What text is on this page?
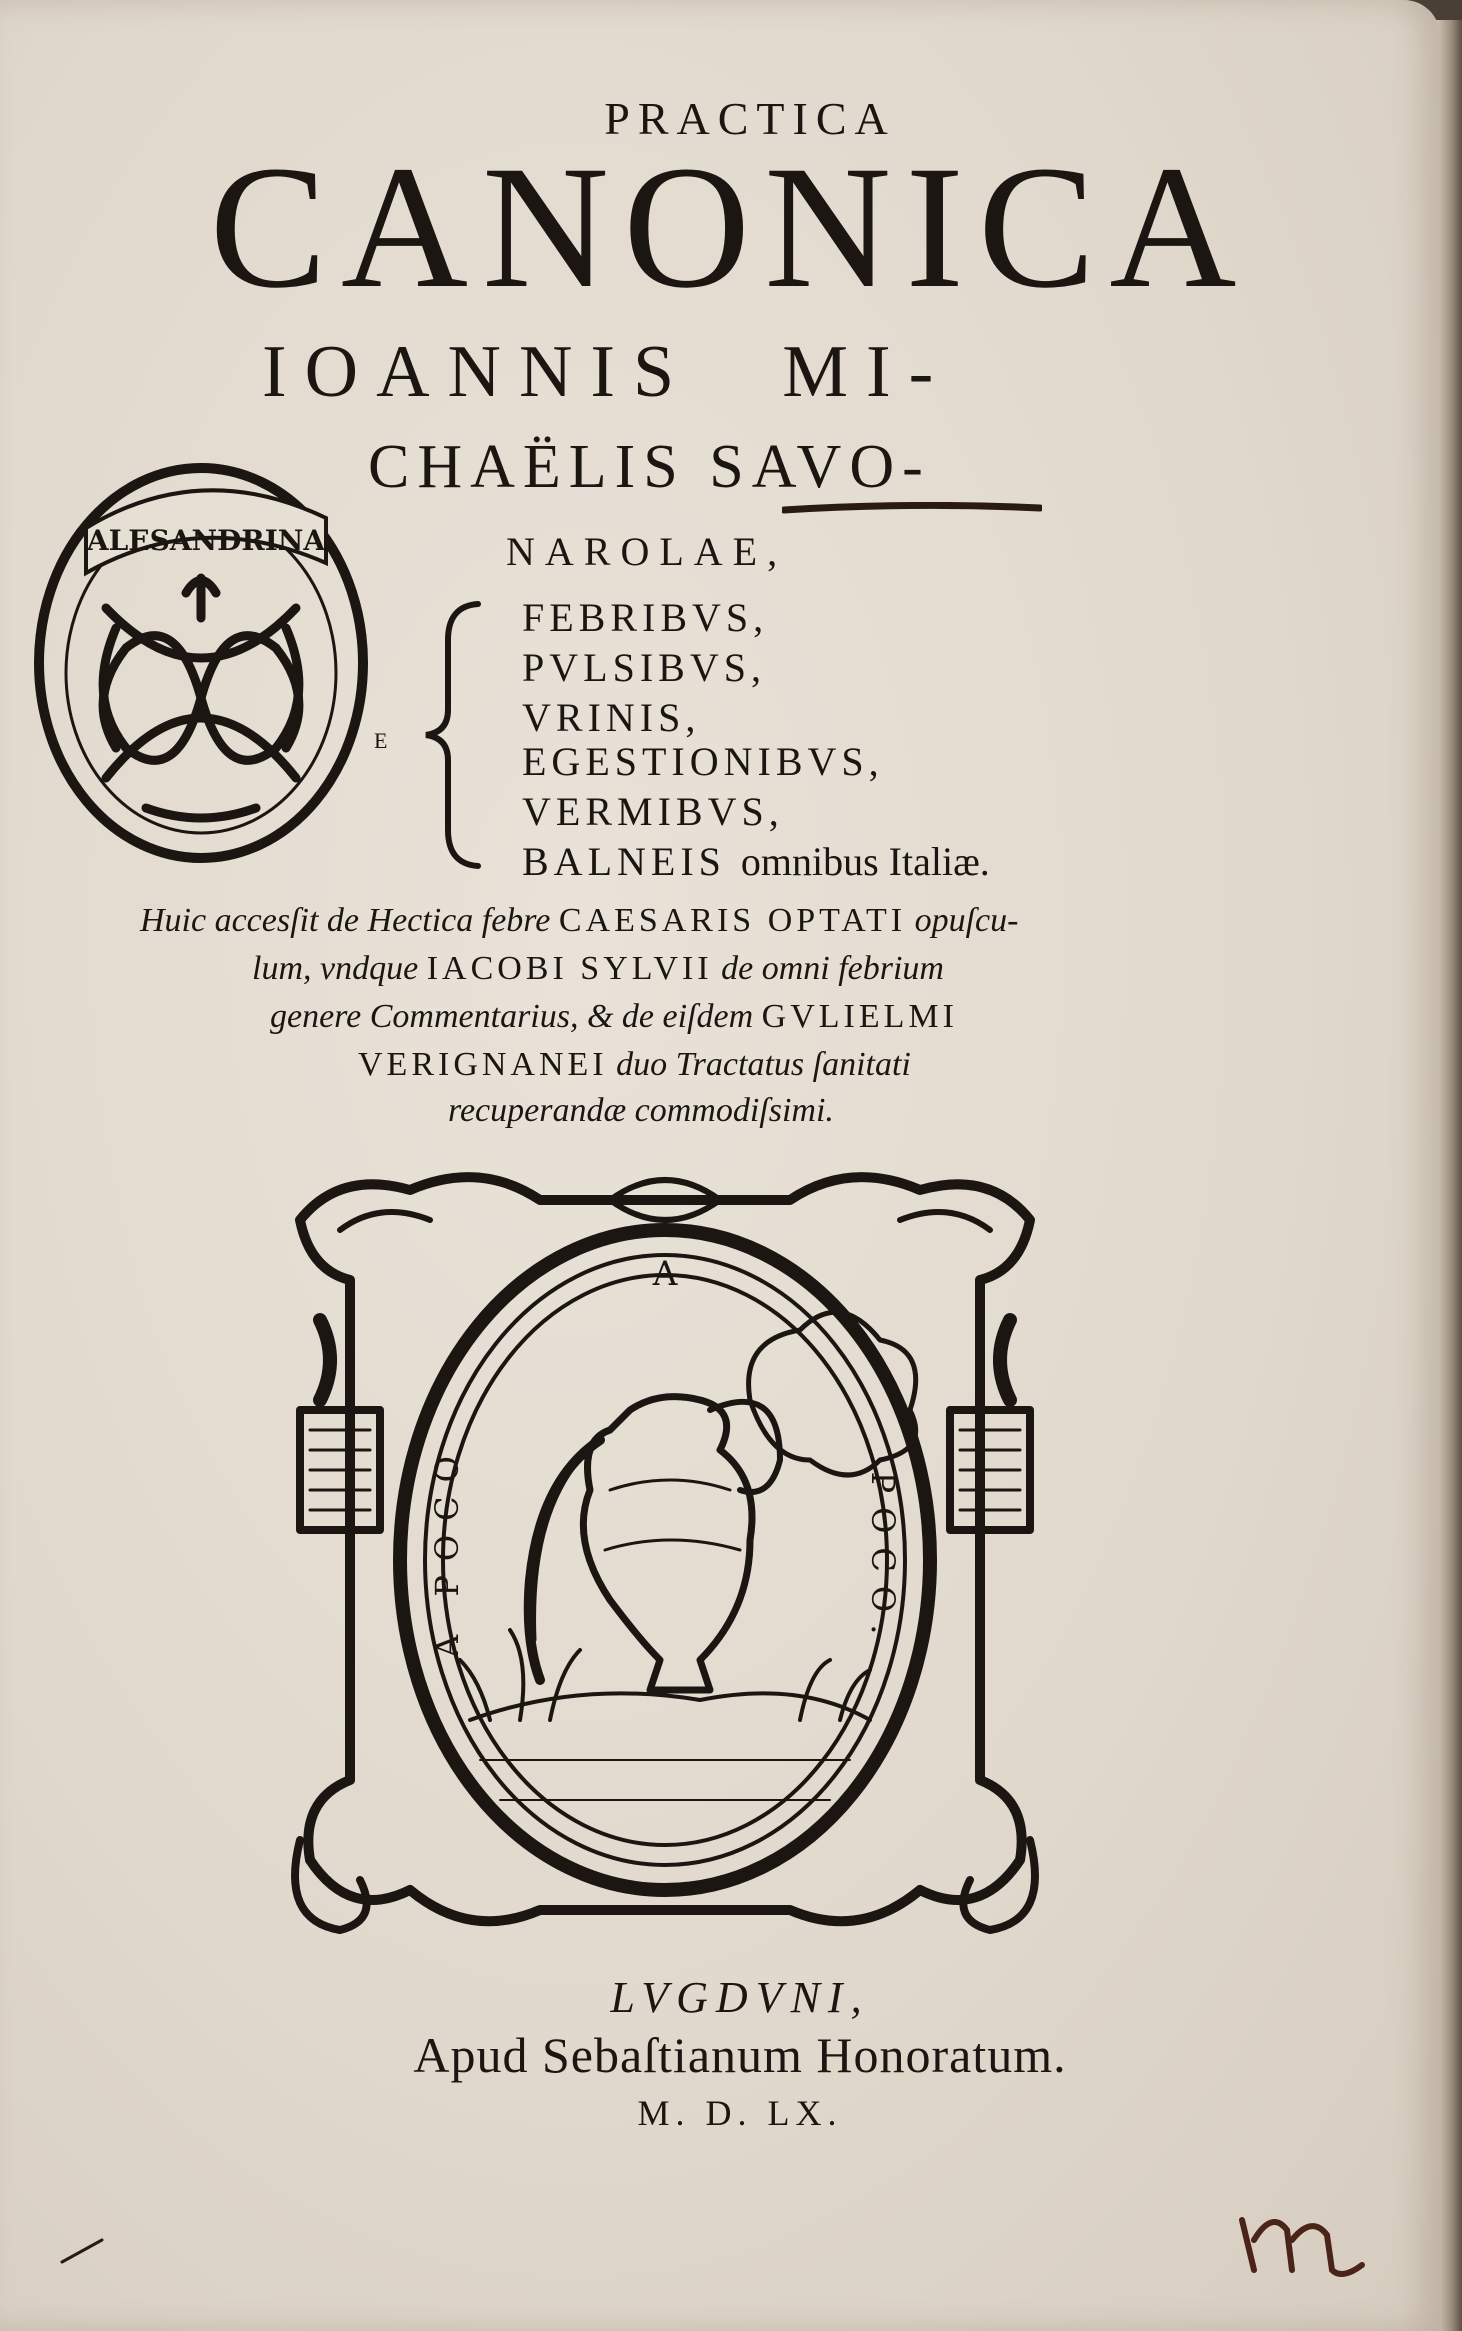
PRACTICA
CANONICA
IOANNIS MI-
CHAËLIS SAVO-
NAROLAE,
E
FEBRIBVS,
PVLSIBVS,
VRINIS,
EGESTIONIBVS,
VERMIBVS,
BALNEIS omnibus Italiæ.
Huic accesſit de Hectica febre CAESARIS OPTATI opuſcu-
lum, vndque IACOBI SYLVII de omni febrium
genere Commentarius, & de eiſdem GVLIELMI
VERIGNANEI duo Tractatus ſanitati
recuperandæ commodiſsimi.
ALESANDRINA
A
A POCO	POCO.
LVGDVNI,
Apud Sebaſtianum Honoratum.
M. D. LX.
m
